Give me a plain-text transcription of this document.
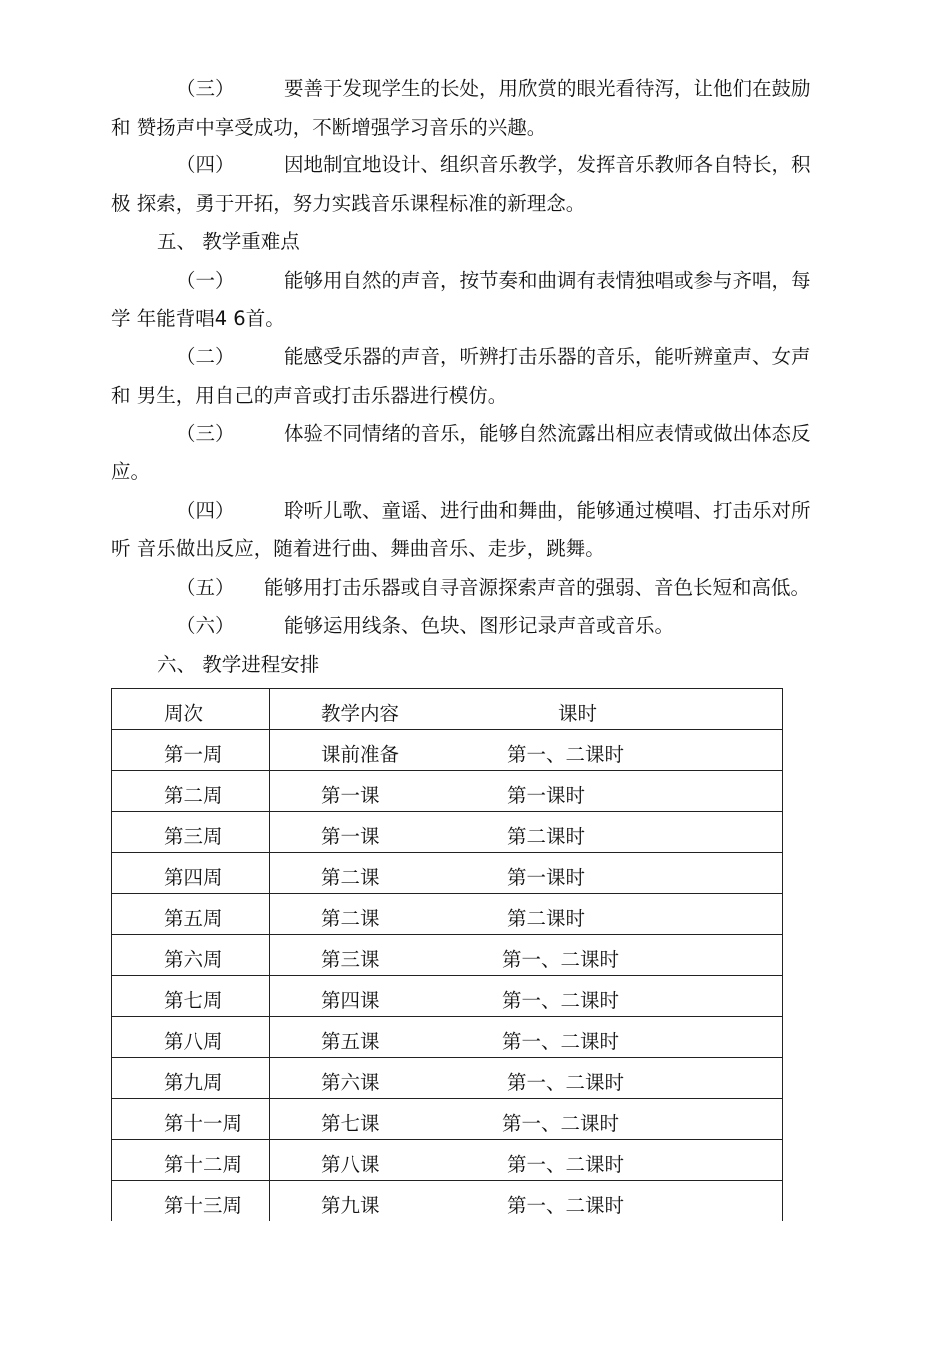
（三）	要善于发现学生的长处，用欣赏的眼光看待泻，让他们在鼓励
和 赞扬声中享受成功，不断增强学习音乐的兴趣。
（四）	因地制宜地设计、组织音乐教学，发挥音乐教师各自特长，积
极 探索，勇于开拓，努力实践音乐课程标准的新理念。
五、 教学重难点
（一）	能够用自然的声音，按节奏和曲调有表情独唱或参与齐唱，每
学 年能背唱4 6首。
（二）	能感受乐器的声音，听辨打击乐器的音乐，能听辨童声、女声
和 男生，用自己的声音或打击乐器进行模仿。
（三）	体验不同情绪的音乐，能够自然流露出相应表情或做出体态反
应。
（四）	聆听儿歌、童谣、进行曲和舞曲，能够通过模唱、打击乐对所
听 音乐做出反应，随着进行曲、舞曲音乐、走步，跳舞。
（五） 能够用打击乐器或自寻音源探索声音的强弱、音色长短和高低。
（六）	能够运用线条、色块、图形记录声音或音乐。
六、 教学进程安排
周次	教学内容 课时

第一周	课前准备 第一、二课时

第二周	第一课 第一课时

第三周	第一课 第二课时

第四周	第二课 第一课时

第五周	第二课 第二课时

第六周	第三课 第一、二课时

第七周	第四课 第一、二课时

第八周	第五课 第一、二课时

第九周	第六课 第一、二课时

第十一周	第七课 第一、二课时

第十二周	第八课 第一、二课时

第十三周	第九课 第一、二课时
